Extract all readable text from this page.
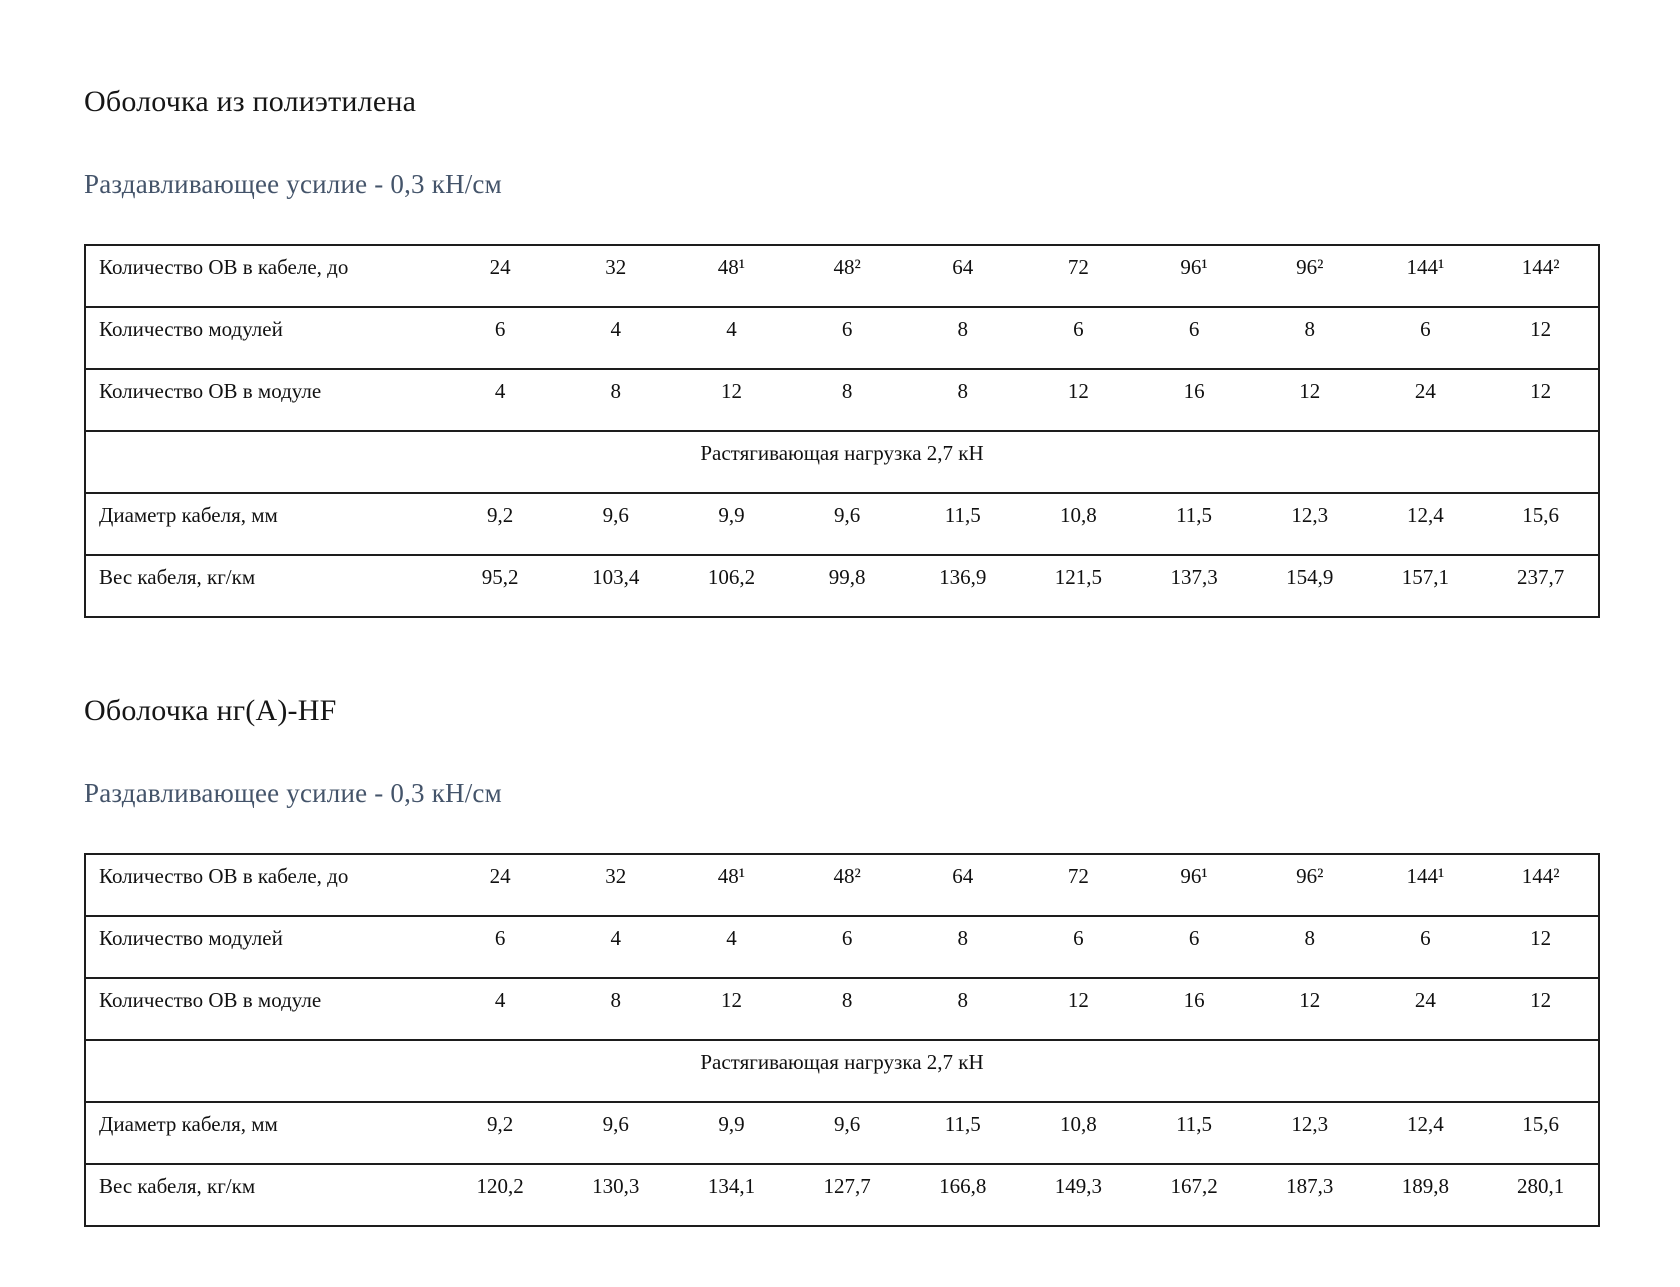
Оболочка из полиэтилена
Раздавливающее усилие - 0,3 кН/см
Количество ОВ в кабеле, до	24	32	48¹	48²	64	72	96¹	96²	144¹	144²
Количество модулей	6	4	4	6	8	6	6	8	6	12
Количество ОВ в модуле	4	8	12	8	8	12	16	12	24	12
Растягивающая нагрузка 2,7 кН										
Диаметр кабеля, мм	9,2	9,6	9,9	9,6	11,5	10,8	11,5	12,3	12,4	15,6
Вес кабеля, кг/км	95,2	103,4	106,2	99,8	136,9	121,5	137,3	154,9	157,1	237,7
Оболочка нг(А)-HF
Раздавливающее усилие - 0,3 кН/см
Количество ОВ в кабеле, до	24	32	48¹	48²	64	72	96¹	96²	144¹	144²
Количество модулей	6	4	4	6	8	6	6	8	6	12
Количество ОВ в модуле	4	8	12	8	8	12	16	12	24	12
Растягивающая нагрузка 2,7 кН										
Диаметр кабеля, мм	9,2	9,6	9,9	9,6	11,5	10,8	11,5	12,3	12,4	15,6
Вес кабеля, кг/км	120,2	130,3	134,1	127,7	166,8	149,3	167,2	187,3	189,8	280,1
